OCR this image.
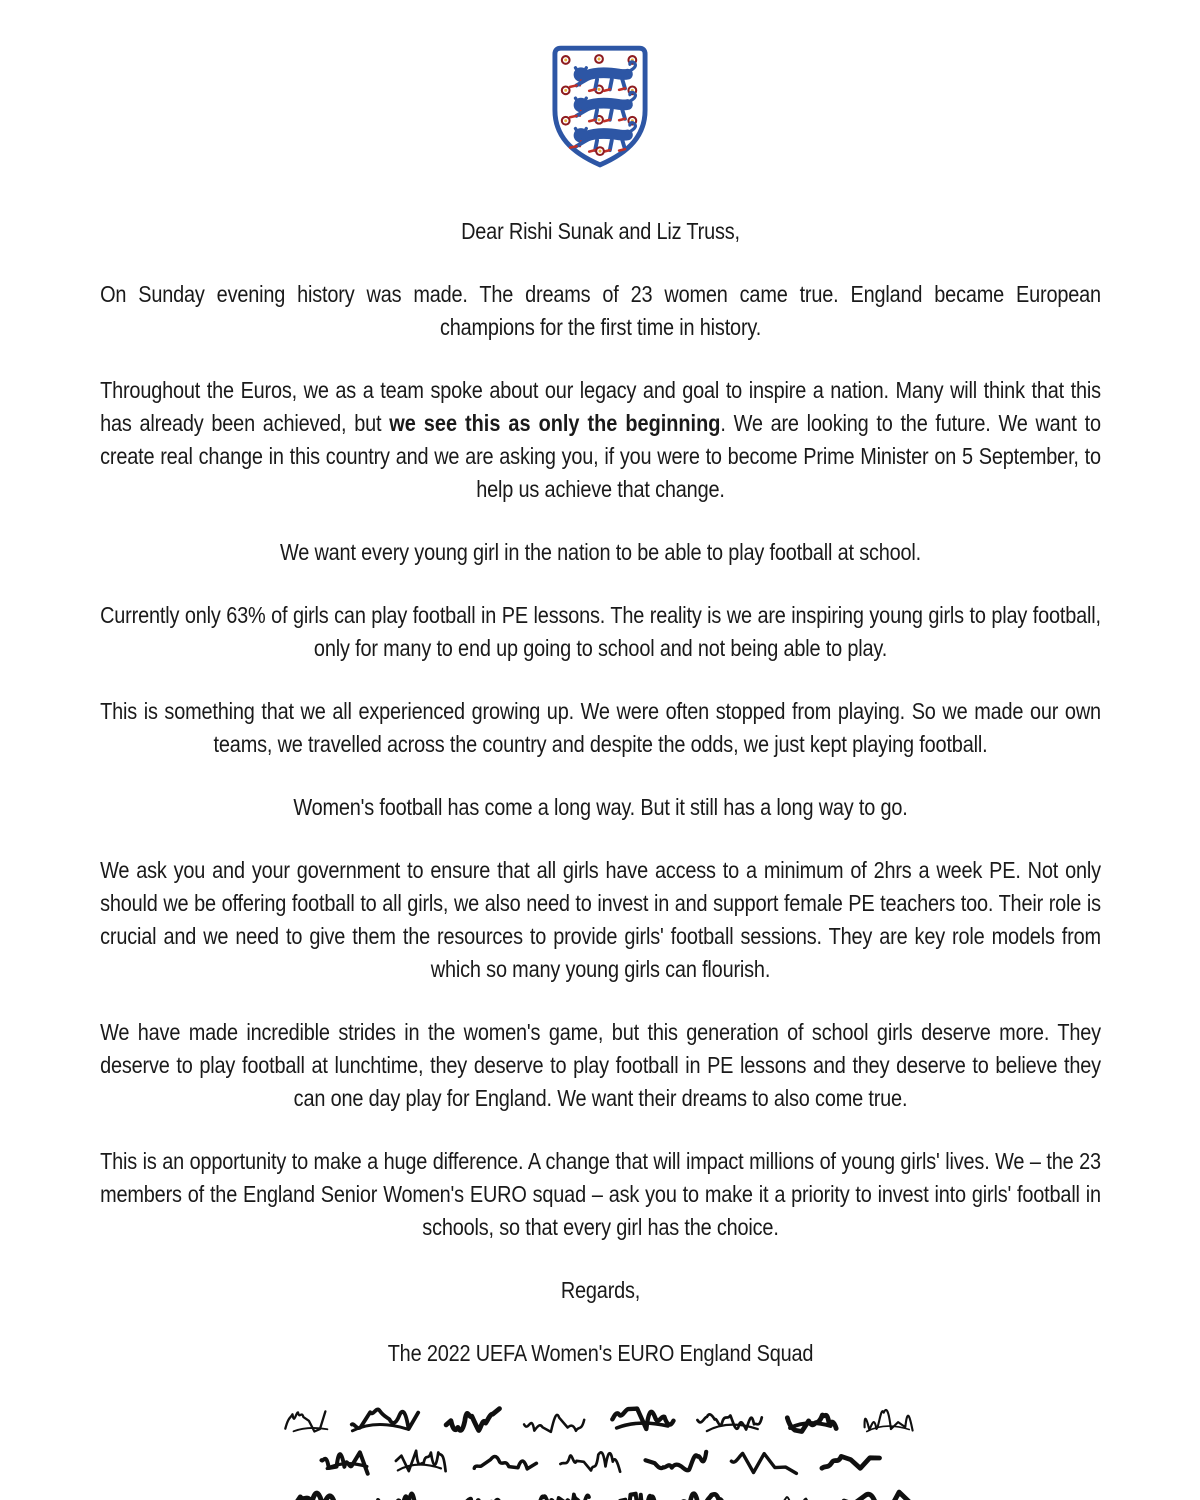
Dear Rishi Sunak and Liz Truss,

On Sunday evening history was made. The dreams of 23 women came true. England became European champions for the first time in history.

Throughout the Euros, we as a team spoke about our legacy and goal to inspire a nation. Many will think that this has already been achieved, but we see this as only the beginning. We are looking to the future. We want to create real change in this country and we are asking you, if you were to become Prime Minister on 5 September, to help us achieve that change.

We want every young girl in the nation to be able to play football at school.

Currently only 63% of girls can play football in PE lessons. The reality is we are inspiring young girls to play football, only for many to end up going to school and not being able to play.

This is something that we all experienced growing up. We were often stopped from playing. So we made our own teams, we travelled across the country and despite the odds, we just kept playing football.

Women's football has come a long way. But it still has a long way to go.

We ask you and your government to ensure that all girls have access to a minimum of 2hrs a week PE. Not only should we be offering football to all girls, we also need to invest in and support female PE teachers too. Their role is crucial and we need to give them the resources to provide girls' football sessions. They are key role models from which so many young girls can flourish.

We have made incredible strides in the women's game, but this generation of school girls deserve more. They deserve to play football at lunchtime, they deserve to play football in PE lessons and they deserve to believe they can one day play for England. We want their dreams to also come true.

This is an opportunity to make a huge difference. A change that will impact millions of young girls' lives. We – the 23 members of the England Senior Women's EURO squad – ask you to make it a priority to invest into girls' football in schools, so that every girl has the choice.

Regards,

The 2022 UEFA Women's EURO England Squad
